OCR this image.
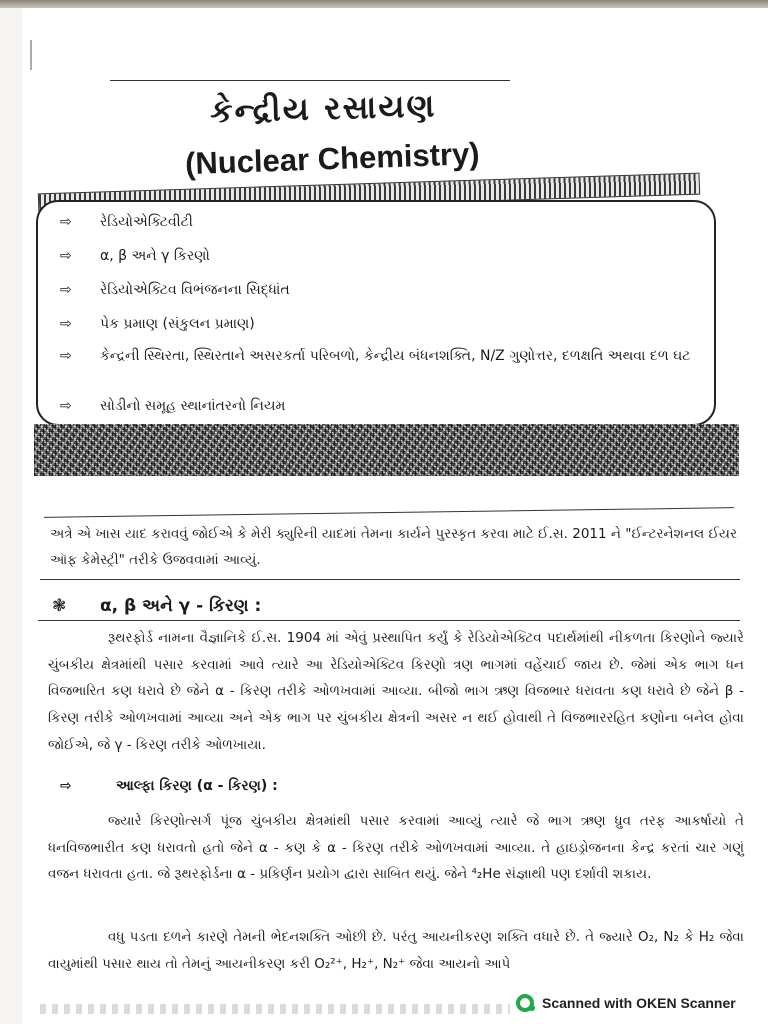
કેન્દ્રીય રસાયણ
(Nuclear Chemistry)
⇨	રેડિયોએક્ટિવીટી
⇨	α, β અને γ કિરણો
⇨	રેડિયોએક્ટિવ વિભંજનના સિદ્ધાંત
⇨	પેક પ્રમાણ (સંકુલન પ્રમાણ)
⇨	કેન્દ્રની સ્થિરતા, સ્થિરતાને અસરકર્તા પરિબળો, કેન્દ્રીય બંધનશક્તિ, N/Z ગુણોત્તર, દળક્ષતિ અથવા દળ ઘટ
⇨	સોડીનો સમૂહ સ્થાનાંતરનો નિયમ
અત્રે એ ખાસ યાદ કરાવવું જોઈએ કે મેરી ક્યુરિની યાદમાં તેમના કાર્યને પુરસ્કૃત કરવા માટે ઈ.સ. 2011 ને "ઈન્ટરનેશનલ ઈયર ઑફ કેમેસ્ટ્રી" તરીકે ઉજવવામાં આવ્યું.
❃ α, β અને γ - કિરણ :
રૂથરફોર્ડ નામના વૈજ્ઞાનિકે ઈ.સ. 1904 માં એવું પ્રસ્થાપિત કર્યું કે રેડિયોએક્ટિવ પદાર્થમાંથી નીકળતા કિરણોને જ્યારે ચુંબકીય ક્ષેત્રમાંથી પસાર કરવામાં આવે ત્યારે આ રેડિયોએક્ટિવ કિરણો ત્રણ ભાગમાં વહેંચાઈ જાય છે. જેમાં એક ભાગ ધન વિજભારિત કણ ધરાવે છે જેને α - કિરણ તરીકે ઓળખવામાં આવ્યા. બીજો ભાગ ઋણ વિજભાર ધરાવતા કણ ધરાવે છે જેને β - કિરણ તરીકે ઓળખવામાં આવ્યા અને એક ભાગ પર ચુંબકીય ક્ષેત્રની અસર ન થઈ હોવાથી તે વિજભારરહિત કણોના બનેલ હોવા જોઈએ, જે γ - કિરણ તરીકે ઓળખાયા.
⇨	આલ્ફા કિરણ (α - કિરણ) :
જ્યારે કિરણોત્સર્ગ પૂંજ ચુંબકીય ક્ષેત્રમાંથી પસાર કરવામાં આવ્યું ત્યારે જે ભાગ ઋણ ધ્રુવ તરફ આકર્ષાયો તે ધનવિજભારીત કણ ધરાવતો હતો જેને α - કણ કે α - કિરણ તરીકે ઓળખવામાં આવ્યા. તે હાઇડ્રોજનના કેન્દ્ર કરતાં ચાર ગણું વજન ધરાવતા હતા. જે રૂથરફોર્ડના α - પ્રકિર્ણન પ્રયોગ દ્વારા સાબિત થયું. જેને ⁴₂He સંજ્ઞાથી પણ દર્શાવી શકાય.
વધુ પડતા દળને કારણે તેમની ભેદનશક્તિ ઓછી છે. પરંતુ આયનીકરણ શક્તિ વધારે છે. તે જ્યારે O₂, N₂ કે H₂ જેવા વાયુમાંથી પસાર થાય તો તેમનું આયનીકરણ કરી O₂²⁺, H₂⁺, N₂⁺ જેવા આયનો આપે
Scanned with OKEN Scanner
